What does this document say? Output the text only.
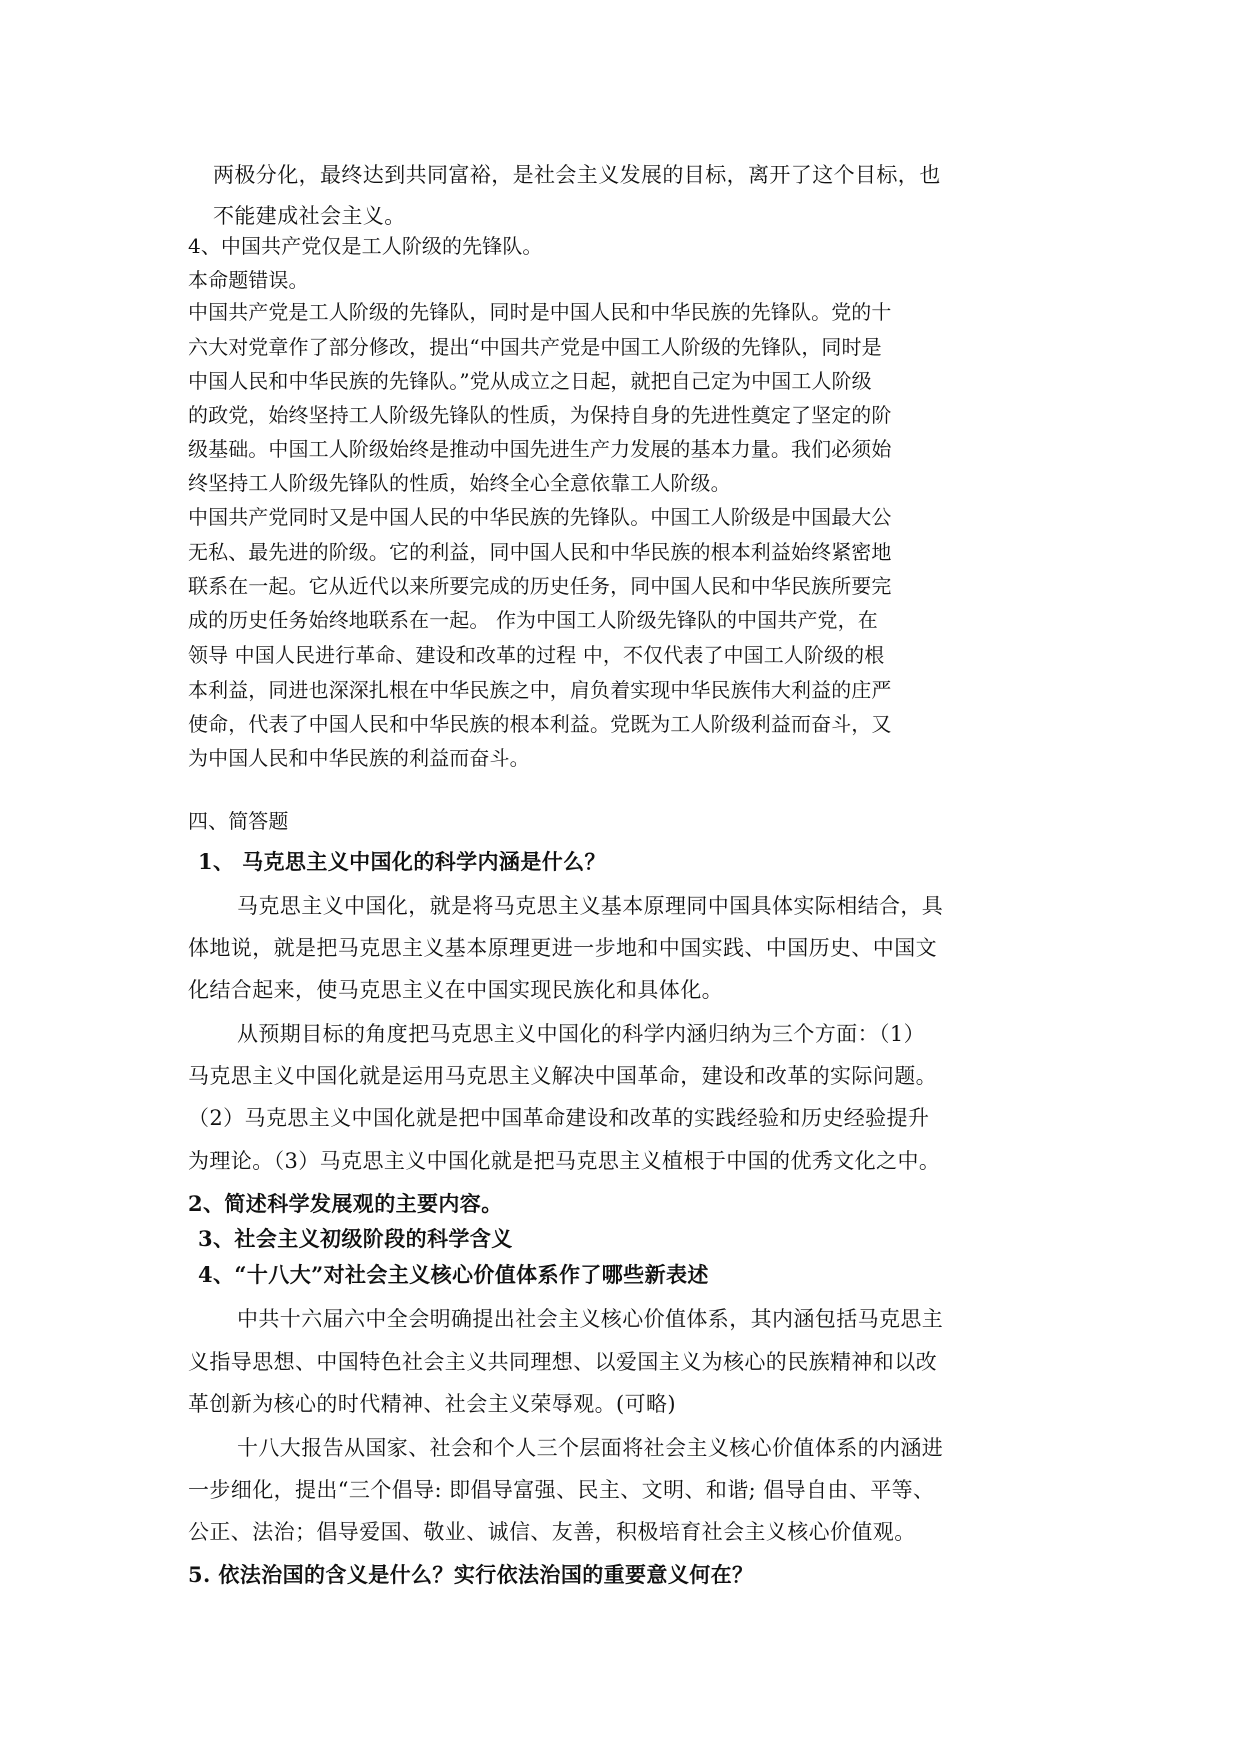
两极分化，最终达到共同富裕，是社会主义发展的目标，离开了这个目标，也
不能建成社会主义。
4、中国共产党仅是工人阶级的先锋队。
本命题错误。
中国共产党是工人阶级的先锋队，同时是中国人民和中华民族的先锋队。党的十
六大对党章作了部分修改，提出“中国共产党是中国工人阶级的先锋队，同时是
中国人民和中华民族的先锋队。”党从成立之日起，就把自己定为中国工人阶级
的政党，始终坚持工人阶级先锋队的性质，为保持自身的先进性奠定了坚定的阶
级基础。中国工人阶级始终是推动中国先进生产力发展的基本力量。我们必须始
终坚持工人阶级先锋队的性质，始终全心全意依靠工人阶级。
中国共产党同时又是中国人民的中华民族的先锋队。中国工人阶级是中国最大公
无私、最先进的阶级。它的利益，同中国人民和中华民族的根本利益始终紧密地
联系在一起。它从近代以来所要完成的历史任务，同中国人民和中华民族所要完
成的历史任务始终地联系在一起。 作为中国工人阶级先锋队的中国共产党，在
领导 中国人民进行革命、建设和改革的过程 中，不仅代表了中国工人阶级的根
本利益，同进也深深扎根在中华民族之中，肩负着实现中华民族伟大利益的庄严
使命，代表了中国人民和中华民族的根本利益。党既为工人阶级利益而奋斗，又
为中国人民和中华民族的利益而奋斗。
四、简答题
1、 马克思主义中国化的科学内涵是什么？
马克思主义中国化，就是将马克思主义基本原理同中国具体实际相结合，具
体地说，就是把马克思主义基本原理更进一步地和中国实践、中国历史、中国文
化结合起来，使马克思主义在中国实现民族化和具体化。
从预期目标的角度把马克思主义中国化的科学内涵归纳为三个方面：（1）
马克思主义中国化就是运用马克思主义解决中国革命，建设和改革的实际问题。
（2）马克思主义中国化就是把中国革命建设和改革的实践经验和历史经验提升
为理论。（3）马克思主义中国化就是把马克思主义植根于中国的优秀文化之中。
2、简述科学发展观的主要内容。
3、社会主义初级阶段的科学含义
4、“十八大”对社会主义核心价值体系作了哪些新表述
中共十六届六中全会明确提出社会主义核心价值体系，其内涵包括马克思主
义指导思想、中国特色社会主义共同理想、以爱国主义为核心的民族精神和以改
革创新为核心的时代精神、社会主义荣辱观。(可略)
十八大报告从国家、社会和个人三个层面将社会主义核心价值体系的内涵进
一步细化，提出“三个倡导: 即倡导富强、民主、文明、和谐; 倡导自由、平等、
公正、法治；倡导爱国、敬业、诚信、友善，积极培育社会主义核心价值观。
5. 依法治国的含义是什么？实行依法治国的重要意义何在？
